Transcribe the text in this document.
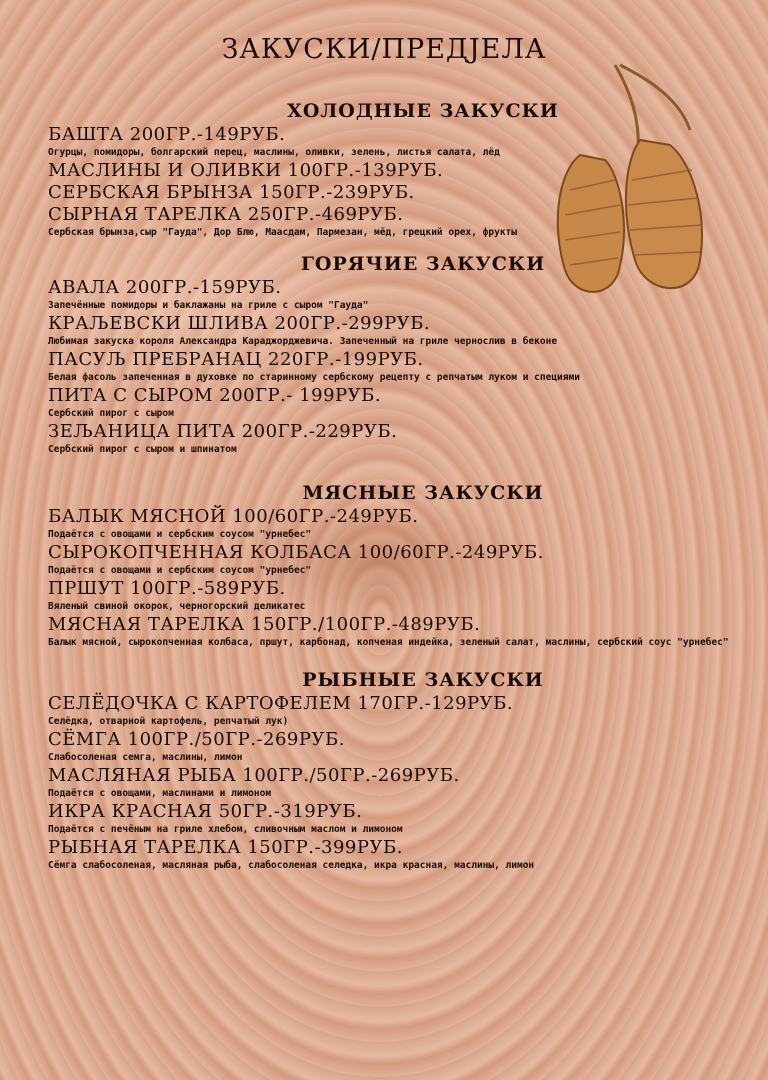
ЗАКУСКИ/ПРЕДЈЕЛА
ХОЛОДНЫЕ ЗАКУСКИ
БАШТА 200ГР.-149РУБ.
Огурцы, помидоры, болгарский перец, маслины, оливки, зелень, листья салата, лёд
МАСЛИНЫ И ОЛИВКИ 100ГР.-139РУБ.
СЕРБСКАЯ БРЫНЗА 150ГР.-239РУБ.
СЫРНАЯ ТАРЕЛКА 250ГР.-469РУБ.
Сербская брынза,сыр "Гауда", Дор Блю, Маасдам, Пармезан, мёд, грецкий орех, фрукты
ГОРЯЧИЕ ЗАКУСКИ
АВАЛА 200ГР.-159РУБ.
Запечённые помидоры и баклажаны на гриле с сыром "Гауда"
КРАЉЕВСКИ ШЛИВА 200ГР.-299РУБ.
Любимая закуска короля Александра Караджорджевича. Запеченный на гриле чернослив в беконе
ПАСУЉ ПРЕБРАНАЦ 220ГР.-199РУБ.
Белая фасоль запеченная в духовке по старинному сербскому рецепту с репчатым луком и специями
ПИТА С СЫРОМ 200ГР.- 199РУБ.
Сербский пирог с сыром
ЗЕЉАНИЦА ПИТА 200ГР.-229РУБ.
Сербский пирог с сыром и шпинатом
МЯСНЫЕ ЗАКУСКИ
БАЛЫК МЯСНОЙ 100/60ГР.-249РУБ.
Подаётся с овощами и сербским соусом "урнебес"
СЫРОКОПЧЕННАЯ КОЛБАСА 100/60ГР.-249РУБ.
Подаётся с овощами и сербским соусом "урнебес"
ПРШУТ 100ГР.-589РУБ.
Вяленый свиной окорок, черногорский деликатес
МЯСНАЯ ТАРЕЛКА 150ГР./100ГР.-489РУБ.
Балык мясной, сырокопченная колбаса, пршут, карбонад, копченая индейка, зеленый салат, маслины, сербский соус "урнебес"
РЫБНЫЕ ЗАКУСКИ
СЕЛЁДОЧКА С КАРТОФЕЛЕМ 170ГР.-129РУБ.
Селёдка, отварной картофель, репчатый лук)
СЁМГА 100ГР./50ГР.-269РУБ.
Слабосоленая семга, маслины, лимон
МАСЛЯНАЯ РЫБА 100ГР./50ГР.-269РУБ.
Подаётся с овощами, маслинами и лимоном
ИКРА КРАСНАЯ 50ГР.-319РУБ.
Подаётся с печёным на гриле хлебом, сливочным маслом и лимоном
РЫБНАЯ ТАРЕЛКА 150ГР.-399РУБ.
Сёмга слабосоленая, масляная рыба, слабосоленая селедка, икра красная, маслины, лимон
